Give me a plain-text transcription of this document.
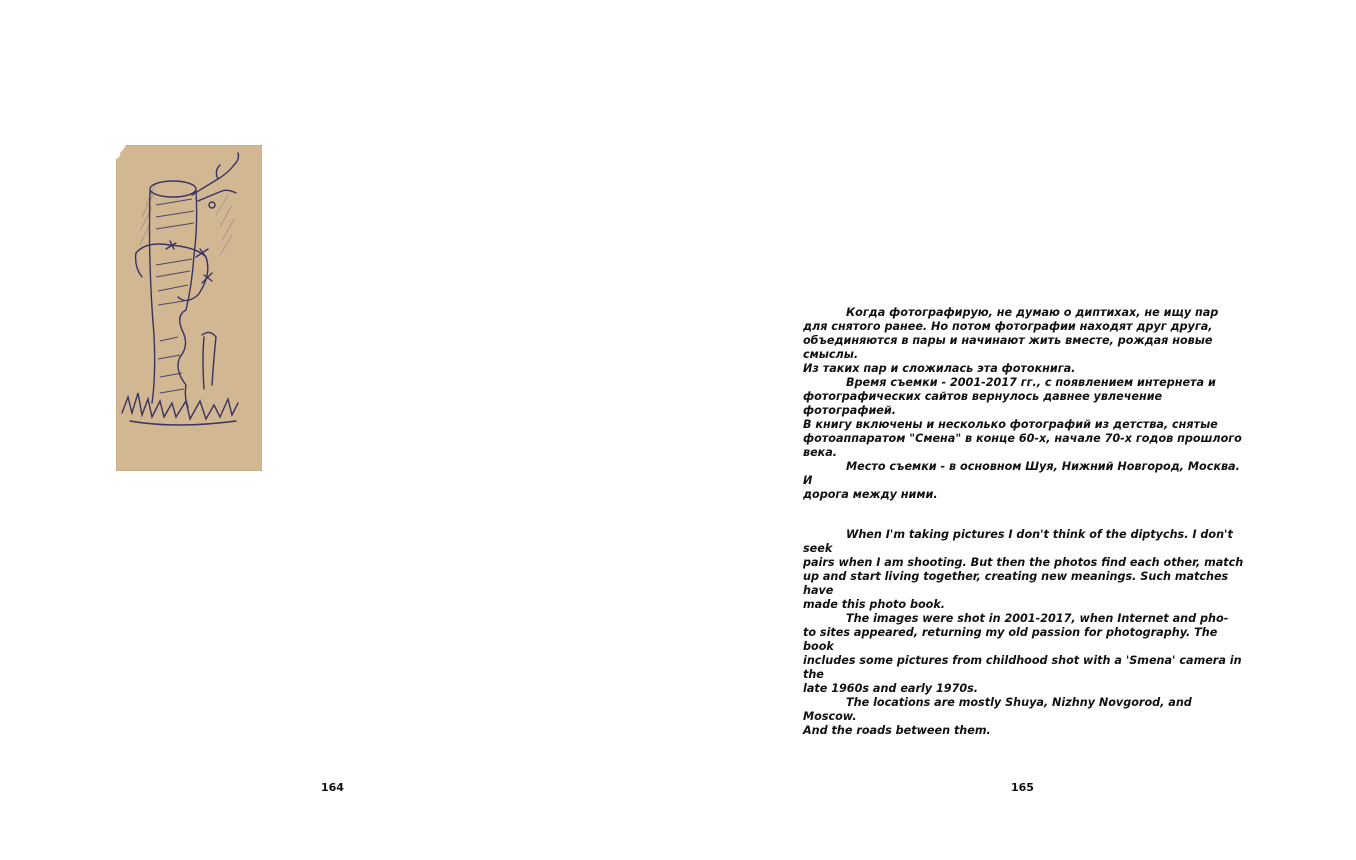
164

Когда фотографирую, не думаю о диптихах, не ищу пар
для снятого ранее. Но потом фотографии находят друг друга,
объединяются в пары и начинают жить вместе, рождая новые смыслы.
Из таких пар и сложилась эта фотокнига.

Время съемки - 2001-2017 гг., с появлением интернета и
фотографических сайтов вернулось давнее увлечение фотографией.
В книгу включены и несколько фотографий из детства, снятые
фотоаппаратом "Смена" в конце 60-х, начале 70-х годов прошлого
века.

Место съемки - в основном Шуя, Нижний Новгород, Москва. И
дорога между ними.

When I'm taking pictures I don't think of the diptychs. I don't seek
pairs when I am shooting. But then the photos find each other, match
up and start living together, creating new meanings. Such matches have
made this photo book.

The images were shot in 2001-2017, when Internet and pho-
to sites appeared, returning my old passion for photography. The book
includes some pictures from childhood shot with a 'Smena' camera in the
late 1960s and early 1970s.

The locations are mostly Shuya, Nizhny Novgorod, and Moscow.
And the roads between them.

165
